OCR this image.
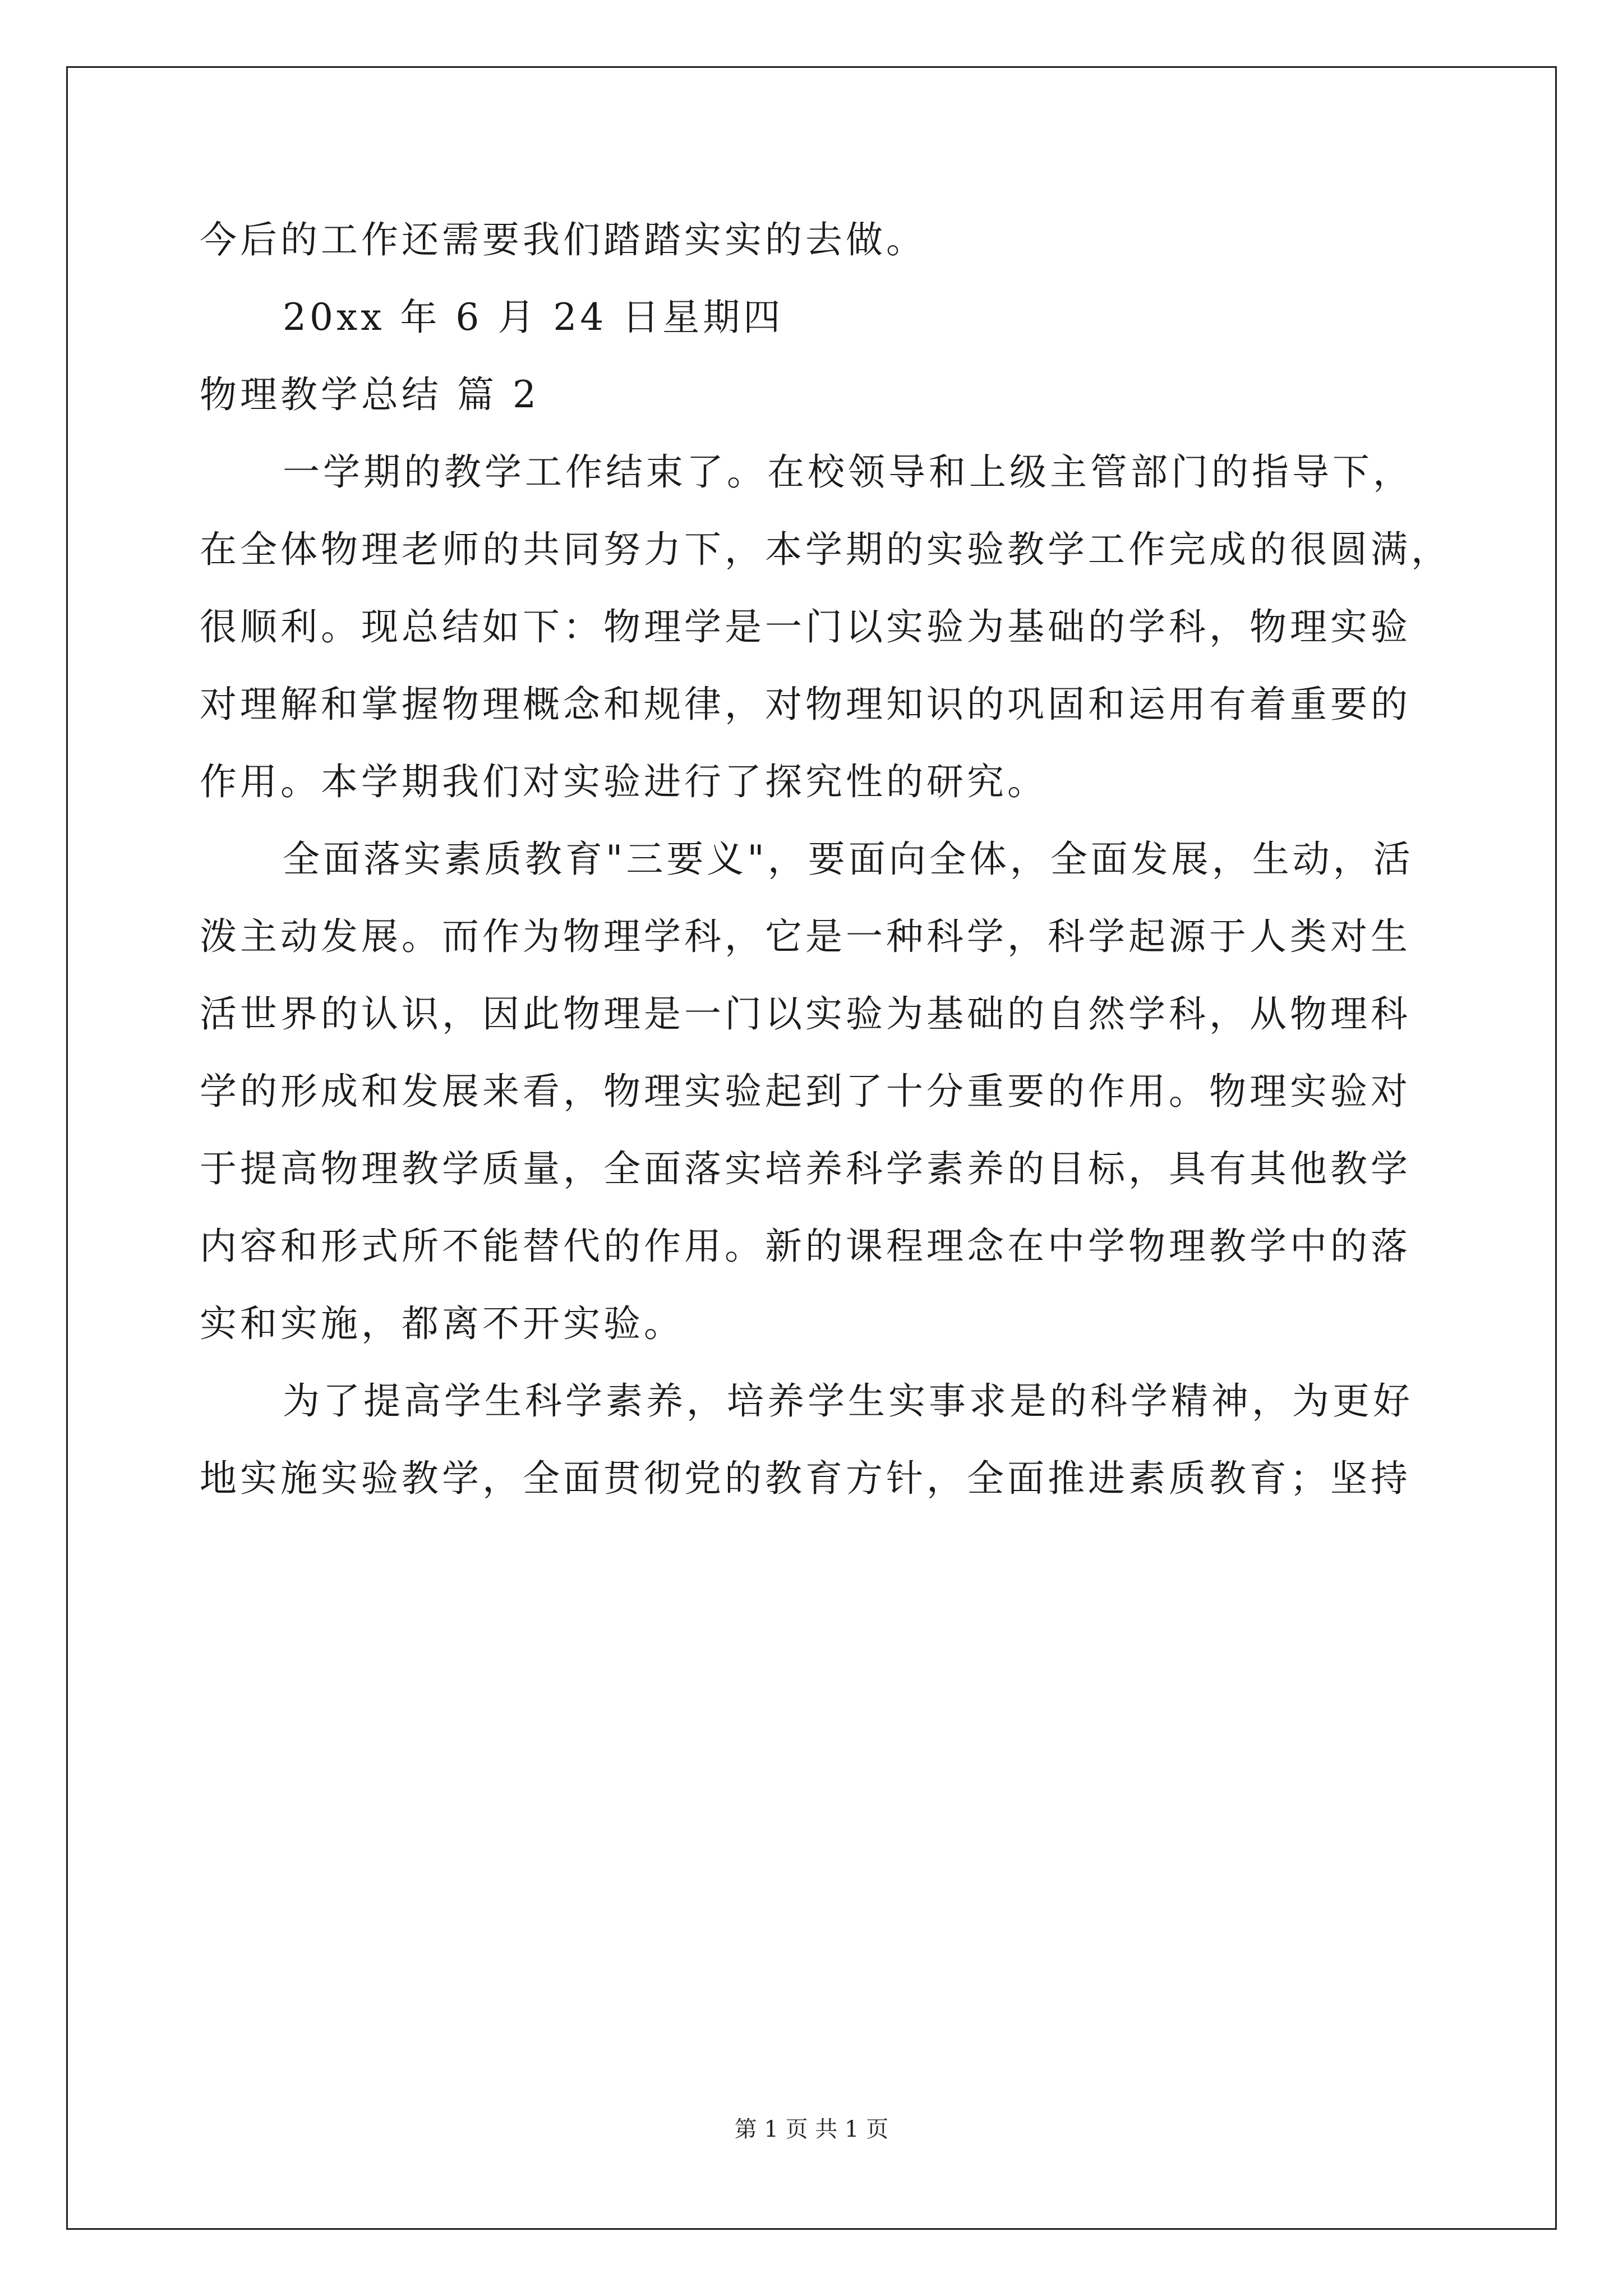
今后的工作还需要我们踏踏实实的去做。
20xx 年 6 月 24 日星期四
物理教学总结 篇 2
一学期的教学工作结束了。在校领导和上级主管部门的指导下，
在全体物理老师的共同努力下，本学期的实验教学工作完成的很圆满，
很顺利。现总结如下：物理学是一门以实验为基础的学科，物理实验
对理解和掌握物理概念和规律，对物理知识的巩固和运用有着重要的
作用。本学期我们对实验进行了探究性的研究。
全面落实素质教育"三要义"，要面向全体，全面发展，生动，活
泼主动发展。而作为物理学科，它是一种科学，科学起源于人类对生
活世界的认识，因此物理是一门以实验为基础的自然学科，从物理科
学的形成和发展来看，物理实验起到了十分重要的作用。物理实验对
于提高物理教学质量，全面落实培养科学素养的目标，具有其他教学
内容和形式所不能替代的作用。新的课程理念在中学物理教学中的落
实和实施，都离不开实验。
为了提高学生科学素养，培养学生实事求是的科学精神，为更好
地实施实验教学，全面贯彻党的教育方针，全面推进素质教育；坚持
第 1 页 共 1 页
